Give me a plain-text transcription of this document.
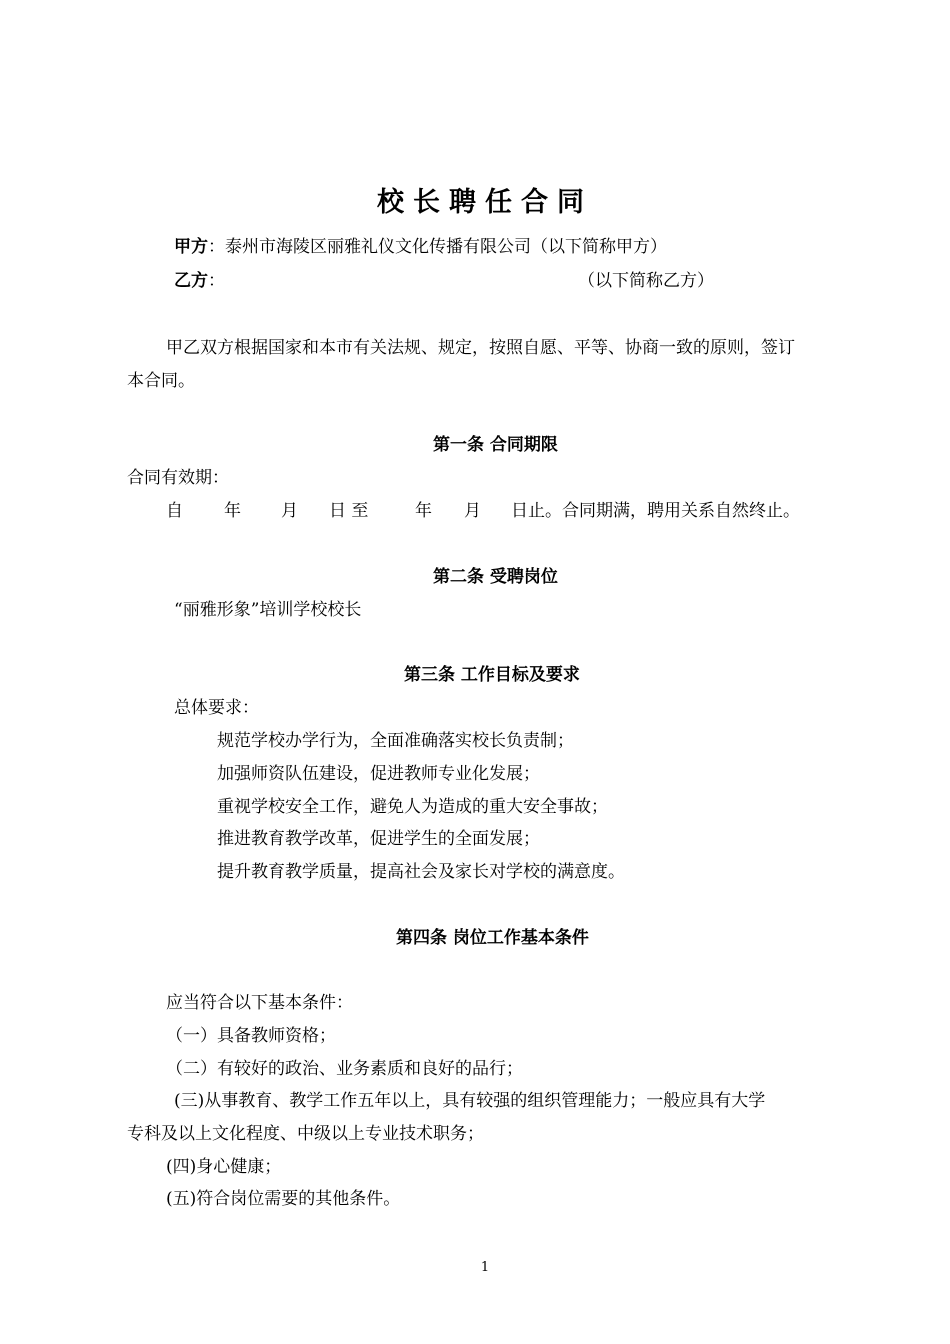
校长聘任合同
甲方：泰州市海陵区丽雅礼仪文化传播有限公司（以下简称甲方）
乙方：	（以下简称乙方）
甲乙双方根据国家和本市有关法规、规定，按照自愿、平等、协商一致的原则，签订
本合同。
第一条 合同期限
合同有效期：
自 年 月 日 至	年 月 日止。合同期满，聘用关系自然终止。
第二条 受聘岗位
“丽雅形象”培训学校校长
第三条 工作目标及要求
总体要求：
规范学校办学行为，全面准确落实校长负责制；
加强师资队伍建设，促进教师专业化发展；
重视学校安全工作，避免人为造成的重大安全事故；
推进教育教学改革，促进学生的全面发展；
提升教育教学质量，提高社会及家长对学校的满意度。
第四条 岗位工作基本条件
应当符合以下基本条件：
（一）具备教师资格；
（二）有较好的政治、业务素质和良好的品行；
(三)从事教育、教学工作五年以上，具有较强的组织管理能力；一般应具有大学
专科及以上文化程度、中级以上专业技术职务；
(四)身心健康；
(五)符合岗位需要的其他条件。
1
